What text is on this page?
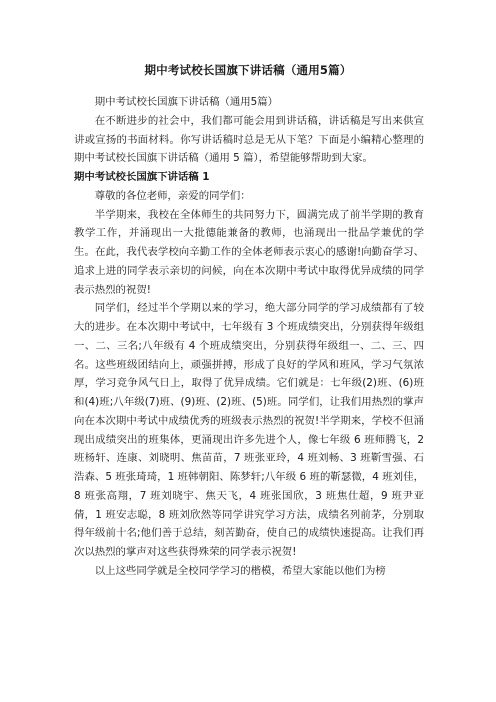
期中考试校长国旗下讲话稿（通用5篇）

期中考试校长国旗下讲话稿（通用5篇）

在不断进步的社会中，我们都可能会用到讲话稿，讲话稿是写出来供宣讲或宣扬的书面材料。你写讲话稿时总是无从下笔？下面是小编精心整理的期中考试校长国旗下讲话稿（通用 5 篇），希望能够帮助到大家。

期中考试校长国旗下讲话稿 1

尊敬的各位老师，亲爱的同学们：

半学期来，我校在全体师生的共同努力下，圆满完成了前半学期的教育教学工作，并涌现出一大批德能兼备的教师，也涌现出一批品学兼优的学生。在此，我代表学校向辛勤工作的全体老师表示衷心的感谢!向勤奋学习、追求上进的同学表示亲切的问候，向在本次期中考试中取得优异成绩的同学表示热烈的祝贺!

同学们，经过半个学期以来的学习，绝大部分同学的学习成绩都有了较大的进步。在本次期中考试中，七年级有 3 个班成绩突出，分别获得年级组一、二、三名;八年级有 4 个班成绩突出，分别获得年级组一、二、三、四名。这些班级团结向上，顽强拼搏，形成了良好的学风和班风，学习气氛浓厚，学习竞争风气日上，取得了优异成绩。它们就是：七年级(2)班、(6)班和(4)班;八年级(7)班、(9)班、(2)班、(5)班。同学们，让我们用热烈的掌声向在本次期中考试中成绩优秀的班级表示热烈的祝贺!半学期来，学校不但涌现出成绩突出的班集体，更涌现出许多先进个人，像七年级 6 班师腾飞，2 班杨轩、连康、刘晓明、焦苗苗，7 班张亚玲，4 班刘畅、3 班靳雪强、石浩森、5 班张琦琦，1 班韩朝阳、陈梦轩;八年级 6 班的靳瑟微，4 班刘佳，8 班张高翔，7 班刘晓宇、焦天飞，4 班张国欣，3 班焦仕超，9 班尹亚倩，1 班安志聪，8 班刘欣然等同学讲究学习方法，成绩名列前茅，分别取得年级前十名;他们善于总结，刻苦勤奋，使自己的成绩快速提高。让我们再次以热烈的掌声对这些获得殊荣的同学表示祝贺!

以上这些同学就是全校同学学习的楷模，希望大家能以他们为榜
